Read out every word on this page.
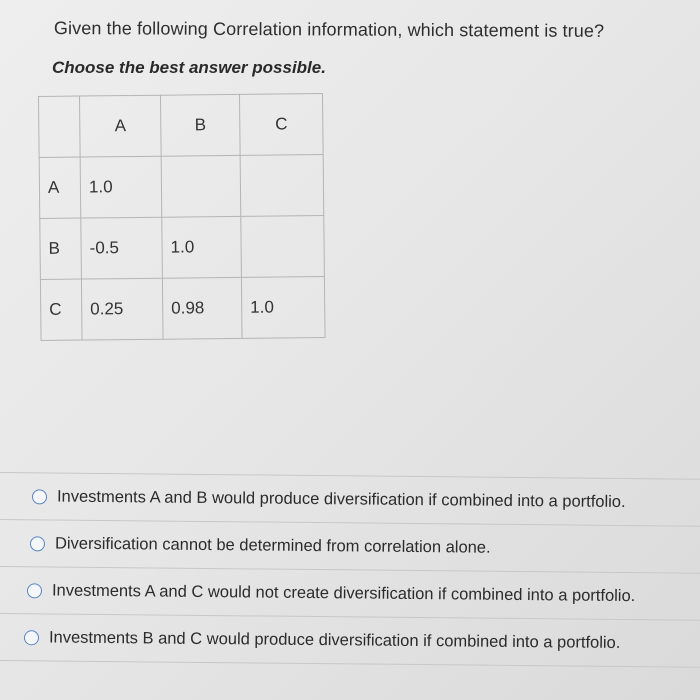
Given the following Correlation information, which statement is true?
Choose the best answer possible.
	A	B	C
A	1.0		
B	-0.5	1.0	
C	0.25	0.98	1.0
Investments A and B would produce diversification if combined into a portfolio.
Diversification cannot be determined from correlation alone.
Investments A and C would not create diversification if combined into a portfolio.
Investments B and C would produce diversification if combined into a portfolio.
